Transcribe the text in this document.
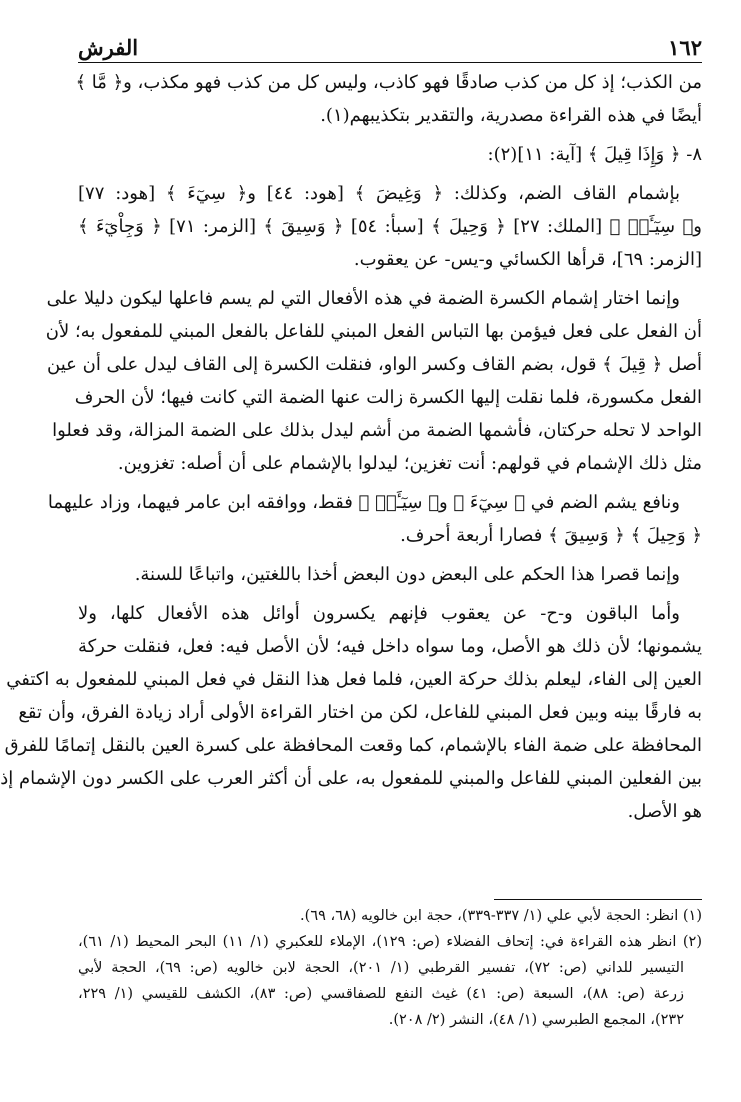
١٦٢
الفرش
من الكذب؛ إذ كل من كذب صادقًا فهو كاذب، وليس كل من كذب فهو مكذب، و﴿ مَّا ﴾
أيضًا في هذه القراءة مصدرية، والتقدير بتكذيبهم(١).
٨- ﴿ وَإِذَا قِيلَ ﴾ [آية: ١١](٢):
بإشمام القاف الضم، وكذلك: ﴿ وَغِيضَ ﴾ [هود: ٤٤] و﴿ سِيٓءَ ﴾ [هود: ٧٧]
و﴿ سِيٓـَٔتۡ ﴾ [الملك: ٢٧] ﴿ وَحِيلَ ﴾ [سبأ: ٥٤] ﴿ وَسِيقَ ﴾ [الزمر: ٧١] ﴿ وَجِاْيٓءَ ﴾
[الزمر: ٦٩]، قرأها الكسائي و-يس- عن يعقوب.
وإنما اختار إشمام الكسرة الضمة في هذه الأفعال التي لم يسم فاعلها ليكون دليلا على
أن الفعل على فعل فيؤمن بها التباس الفعل المبني للفاعل بالفعل المبني للمفعول به؛ لأن
أصل ﴿ قِيلَ ﴾ قول، بضم القاف وكسر الواو، فنقلت الكسرة إلى القاف ليدل على أن عين
الفعل مكسورة، فلما نقلت إليها الكسرة زالت عنها الضمة التي كانت فيها؛ لأن الحرف
الواحد لا تحله حركتان، فأشمها الضمة من أشم ليدل بذلك على الضمة المزالة، وقد فعلوا
مثل ذلك الإشمام في قولهم: أنت تغزين؛ ليدلوا بالإشمام على أن أصله: تغزوين.
ونافع يشم الضم في ﴿ سِيٓءَ ﴾ و﴿ سِيٓـَٔتۡ ﴾ فقط، ووافقه ابن عامر فيهما، وزاد عليهما
﴿ وَحِيلَ ﴾ ﴿ وَسِيقَ ﴾ فصارا أربعة أحرف.
وإنما قصرا هذا الحكم على البعض دون البعض أخذا باللغتين، واتباعًا للسنة.
وأما الباقون و-ح- عن يعقوب فإنهم يكسرون أوائل هذه الأفعال كلها، ولا
يشمونها؛ لأن ذلك هو الأصل، وما سواه داخل فيه؛ لأن الأصل فيه: فعل، فنقلت حركة
العين إلى الفاء، ليعلم بذلك حركة العين، فلما فعل هذا النقل في فعل المبني للمفعول به اكتفي
به فارقًا بينه وبين فعل المبني للفاعل، لكن من اختار القراءة الأولى أراد زيادة الفرق، وأن تقع
المحافظة على ضمة الفاء بالإشمام، كما وقعت المحافظة على كسرة العين بالنقل إتمامًا للفرق
بين الفعلين المبني للفاعل والمبني للمفعول به، على أن أكثر العرب على الكسر دون الإشمام إذ
هو الأصل.
(١) انظر: الحجة لأبي علي (١/ ٣٣٧-٣٣٩)، حجة ابن خالويه (٦٨، ٦٩).
(٢) انظر هذه القراءة في: إتحاف الفضلاء (ص: ١٢٩)، الإملاء للعكبري (١/ ١١) البحر المحيط (١/ ٦١)،
التيسير للداني (ص: ٧٢)، تفسير القرطبي (١/ ٢٠١)، الحجة لابن خالويه (ص: ٦٩)، الحجة لأبي
زرعة (ص: ٨٨)، السبعة (ص: ٤١) غيث النفع للصفاقسي (ص: ٨٣)، الكشف للقيسي (١/ ٢٢٩،
٢٣٢)، المجمع الطبرسي (١/ ٤٨)، النشر (٢/ ٢٠٨).
